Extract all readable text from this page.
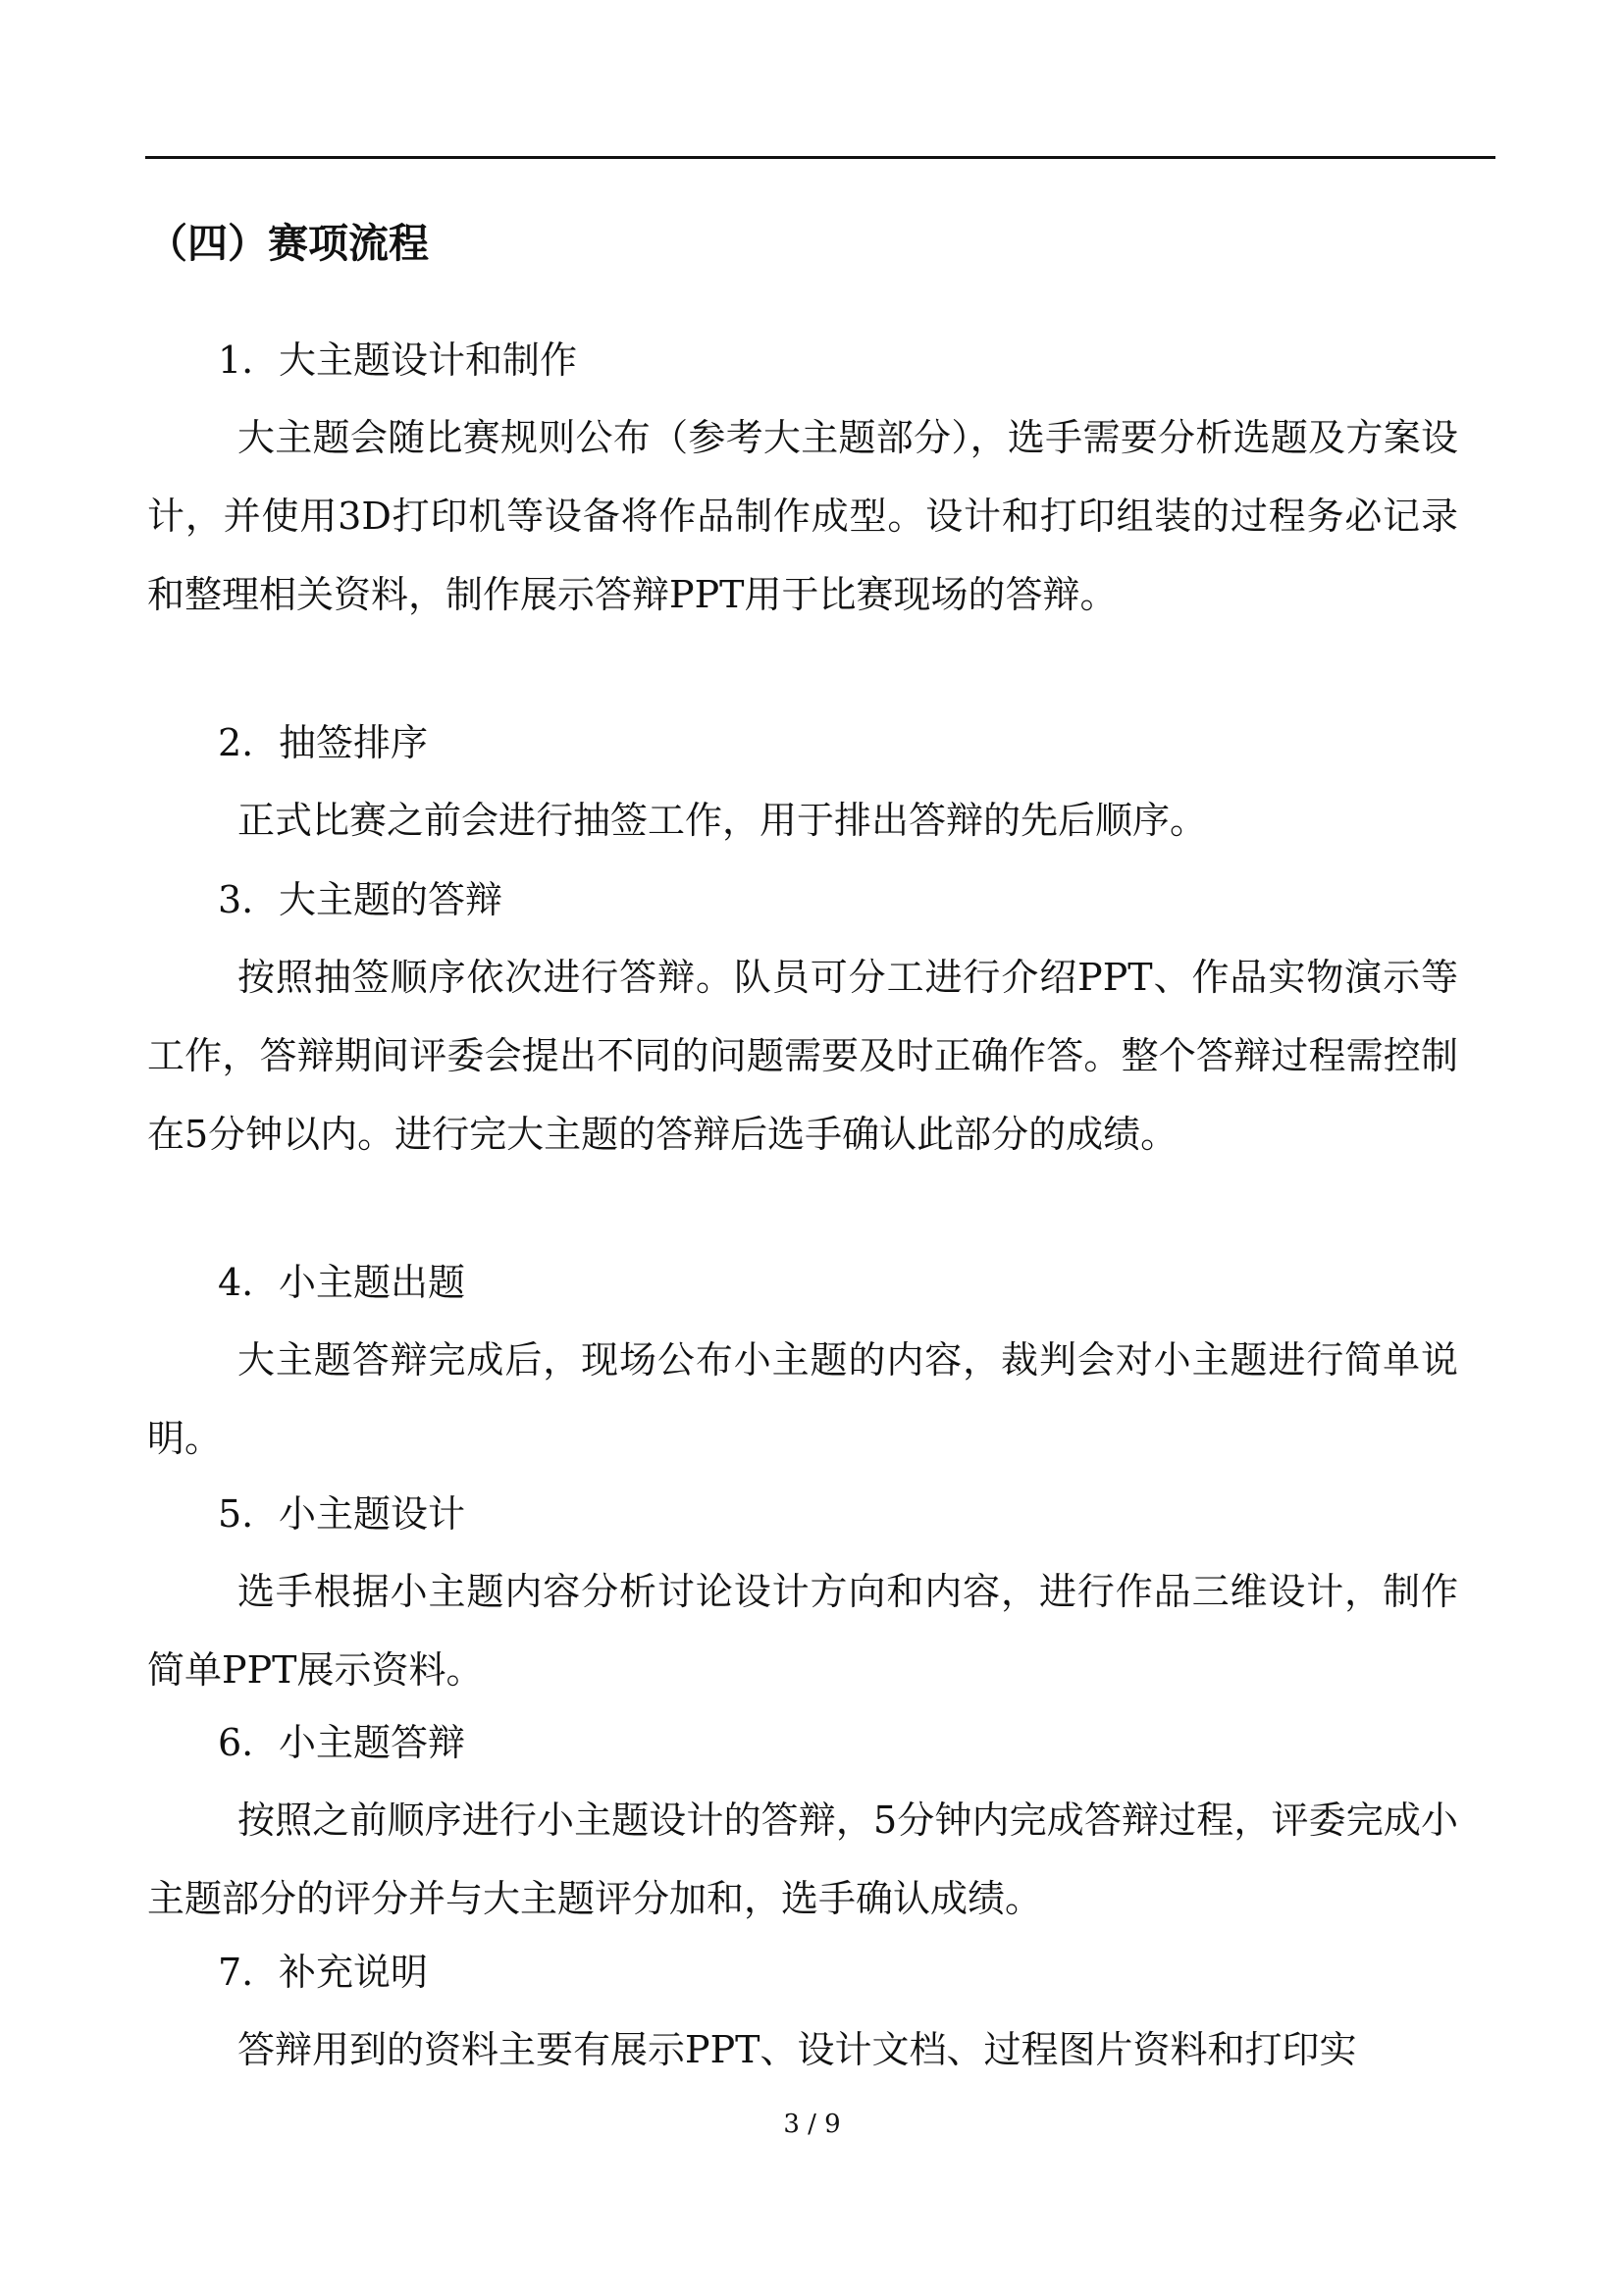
（四）赛项流程
1. 大主题设计和制作

大主题会随比赛规则公布（参考大主题部分），选手需要分析选题及方案设计，并使用3D打印机等设备将作品制作成型。设计和打印组装的过程务必记录和整理相关资料，制作展示答辩PPT用于比赛现场的答辩。

2. 抽签排序

正式比赛之前会进行抽签工作，用于排出答辩的先后顺序。

3. 大主题的答辩

按照抽签顺序依次进行答辩。队员可分工进行介绍PPT、作品实物演示等工作，答辩期间评委会提出不同的问题需要及时正确作答。整个答辩过程需控制在5分钟以内。进行完大主题的答辩后选手确认此部分的成绩。

4. 小主题出题

大主题答辩完成后，现场公布小主题的内容，裁判会对小主题进行简单说明。

5. 小主题设计

选手根据小主题内容分析讨论设计方向和内容，进行作品三维设计，制作简单PPT展示资料。

6. 小主题答辩

按照之前顺序进行小主题设计的答辩，5分钟内完成答辩过程，评委完成小主题部分的评分并与大主题评分加和，选手确认成绩。

7. 补充说明

答辩用到的资料主要有展示PPT、设计文档、过程图片资料和打印实

3 / 9
